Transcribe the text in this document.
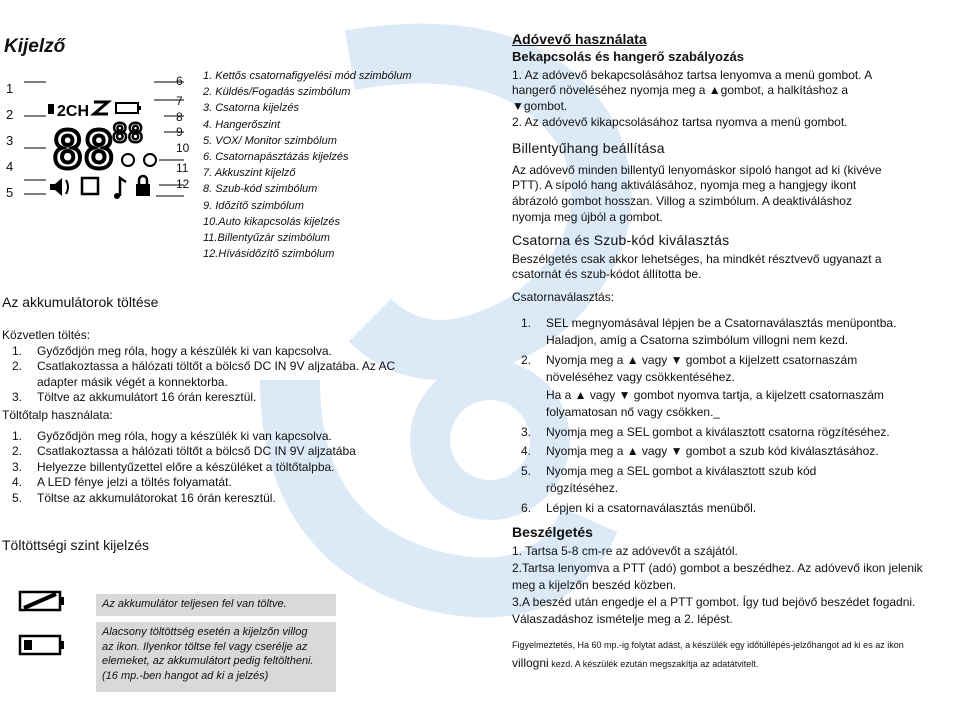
Kijelző
1
2
3
4
5
2CH
88
88
6
7
8
9
10
11
12
1. Kettős csatornafigyelési mód szimbólum
2. Küldés/Fogadás szimbólum
3. Csatorna kijelzés
4. Hangerőszint
5. VOX/ Monitor szimbólum
6. Csatornapásztázás kijelzés
7. Akkuszint kijelző
8. Szub-kód szimbólum
9. Időzítő szimbólum
10.Auto kikapcsolás kijelzés
11.Billentyűzár szimbólum
12.Hívásidőzítő szimbólum
Az akkumulátorok töltése
Közvetlen töltés:
1. Győződjön meg róla, hogy a készülék ki van kapcsolva.
2. Csatlakoztassa a hálózati töltőt a bölcső DC IN 9V aljzatába. Az AC
adapter másik végét a konnektorba.
3. Töltve az akkumulátort 16 órán keresztül.
Töltőtalp használata:
1. Győződjön meg róla, hogy a készülék ki van kapcsolva.
2. Csatlakoztassa a hálózati töltőt a bölcső DC IN 9V aljzatába
3. Helyezze billentyűzettel előre a készüléket a töltőtalpba.
4. A LED fénye jelzi a töltés folyamatát.
5. Töltse az akkumulátorokat 16 órán keresztül.
Töltöttségi szint kijelzés
Az akkumulátor teljesen fel van töltve.
Alacsony töltöttség esetén a kijelzőn villog
az ikon. Ilyenkor töltse fel vagy cserélje az
elemeket, az akkumulátort pedig feltöltheni.
(16 mp.-ben hangot ad ki a jelzés)
Adóvevő használata
Bekapcsolás és hangerő szabályozás
1. Az adóvevő bekapcsolásához tartsa lenyomva a menü gombot. A
hangerő növeléséhez nyomja meg a ▲gombot, a halkításhoz a
▼gombot.
2. Az adóvevő kikapcsolásához tartsa nyomva a menü gombot.
Billentyűhang beállítása
Az adóvevő minden billentyű lenyomáskor sípoló hangot ad ki (kivéve
PTT). A sípoló hang aktiválásához, nyomja meg a hangjegy ikont
ábrázoló gombot hosszan. Villog a szimbólum. A deaktiváláshoz
nyomja meg újból a gombot.
Csatorna és Szub-kód kiválasztás
Beszélgetés csak akkor lehetséges, ha mindkét résztvevő ugyanazt a
csatornát és szub-kódot állította be.
Csatornaválasztás:
1. SEL megnyomásával lépjen be a Csatornaválasztás menüpontba.
Haladjon, amíg a Csatorna szimbólum villogni nem kezd.
2. Nyomja meg a ▲ vagy ▼ gombot a kijelzett csatornaszám
növeléséhez vagy csökkentéséhez.
Ha a ▲ vagy ▼ gombot nyomva tartja, a kijelzett csatornaszám
folyamatosan nő vagy csökken._
3. Nyomja meg a SEL gombot a kiválasztott csatorna rögzítéséhez.
4. Nyomja meg a ▲ vagy ▼ gombot a szub kód kiválasztásához.
5. Nyomja meg a SEL gombot a kiválasztott szub kód
rögzítéséhez.
6. Lépjen ki a csatornaválasztás menüből.
Beszélgetés
1. Tartsa 5-8 cm-re az adóvevőt a szájától.
2.Tartsa lenyomva a PTT (adó) gombot a beszédhez. Az adóvevő ikon jelenik
meg a kijelzőn beszéd közben.
3.A beszéd után engedje el a PTT gombot. Így tud bejövő beszédet fogadni.
Válaszadáshoz ismételje meg a 2. lépést.
Figyelmeztetés, Ha 60 mp.-ig folytat adást, a készülék egy időtúllépés-jelzőhangot ad ki es az ikon
villogni kezd. A készülék ezután megszakítja az adatátvitelt.
